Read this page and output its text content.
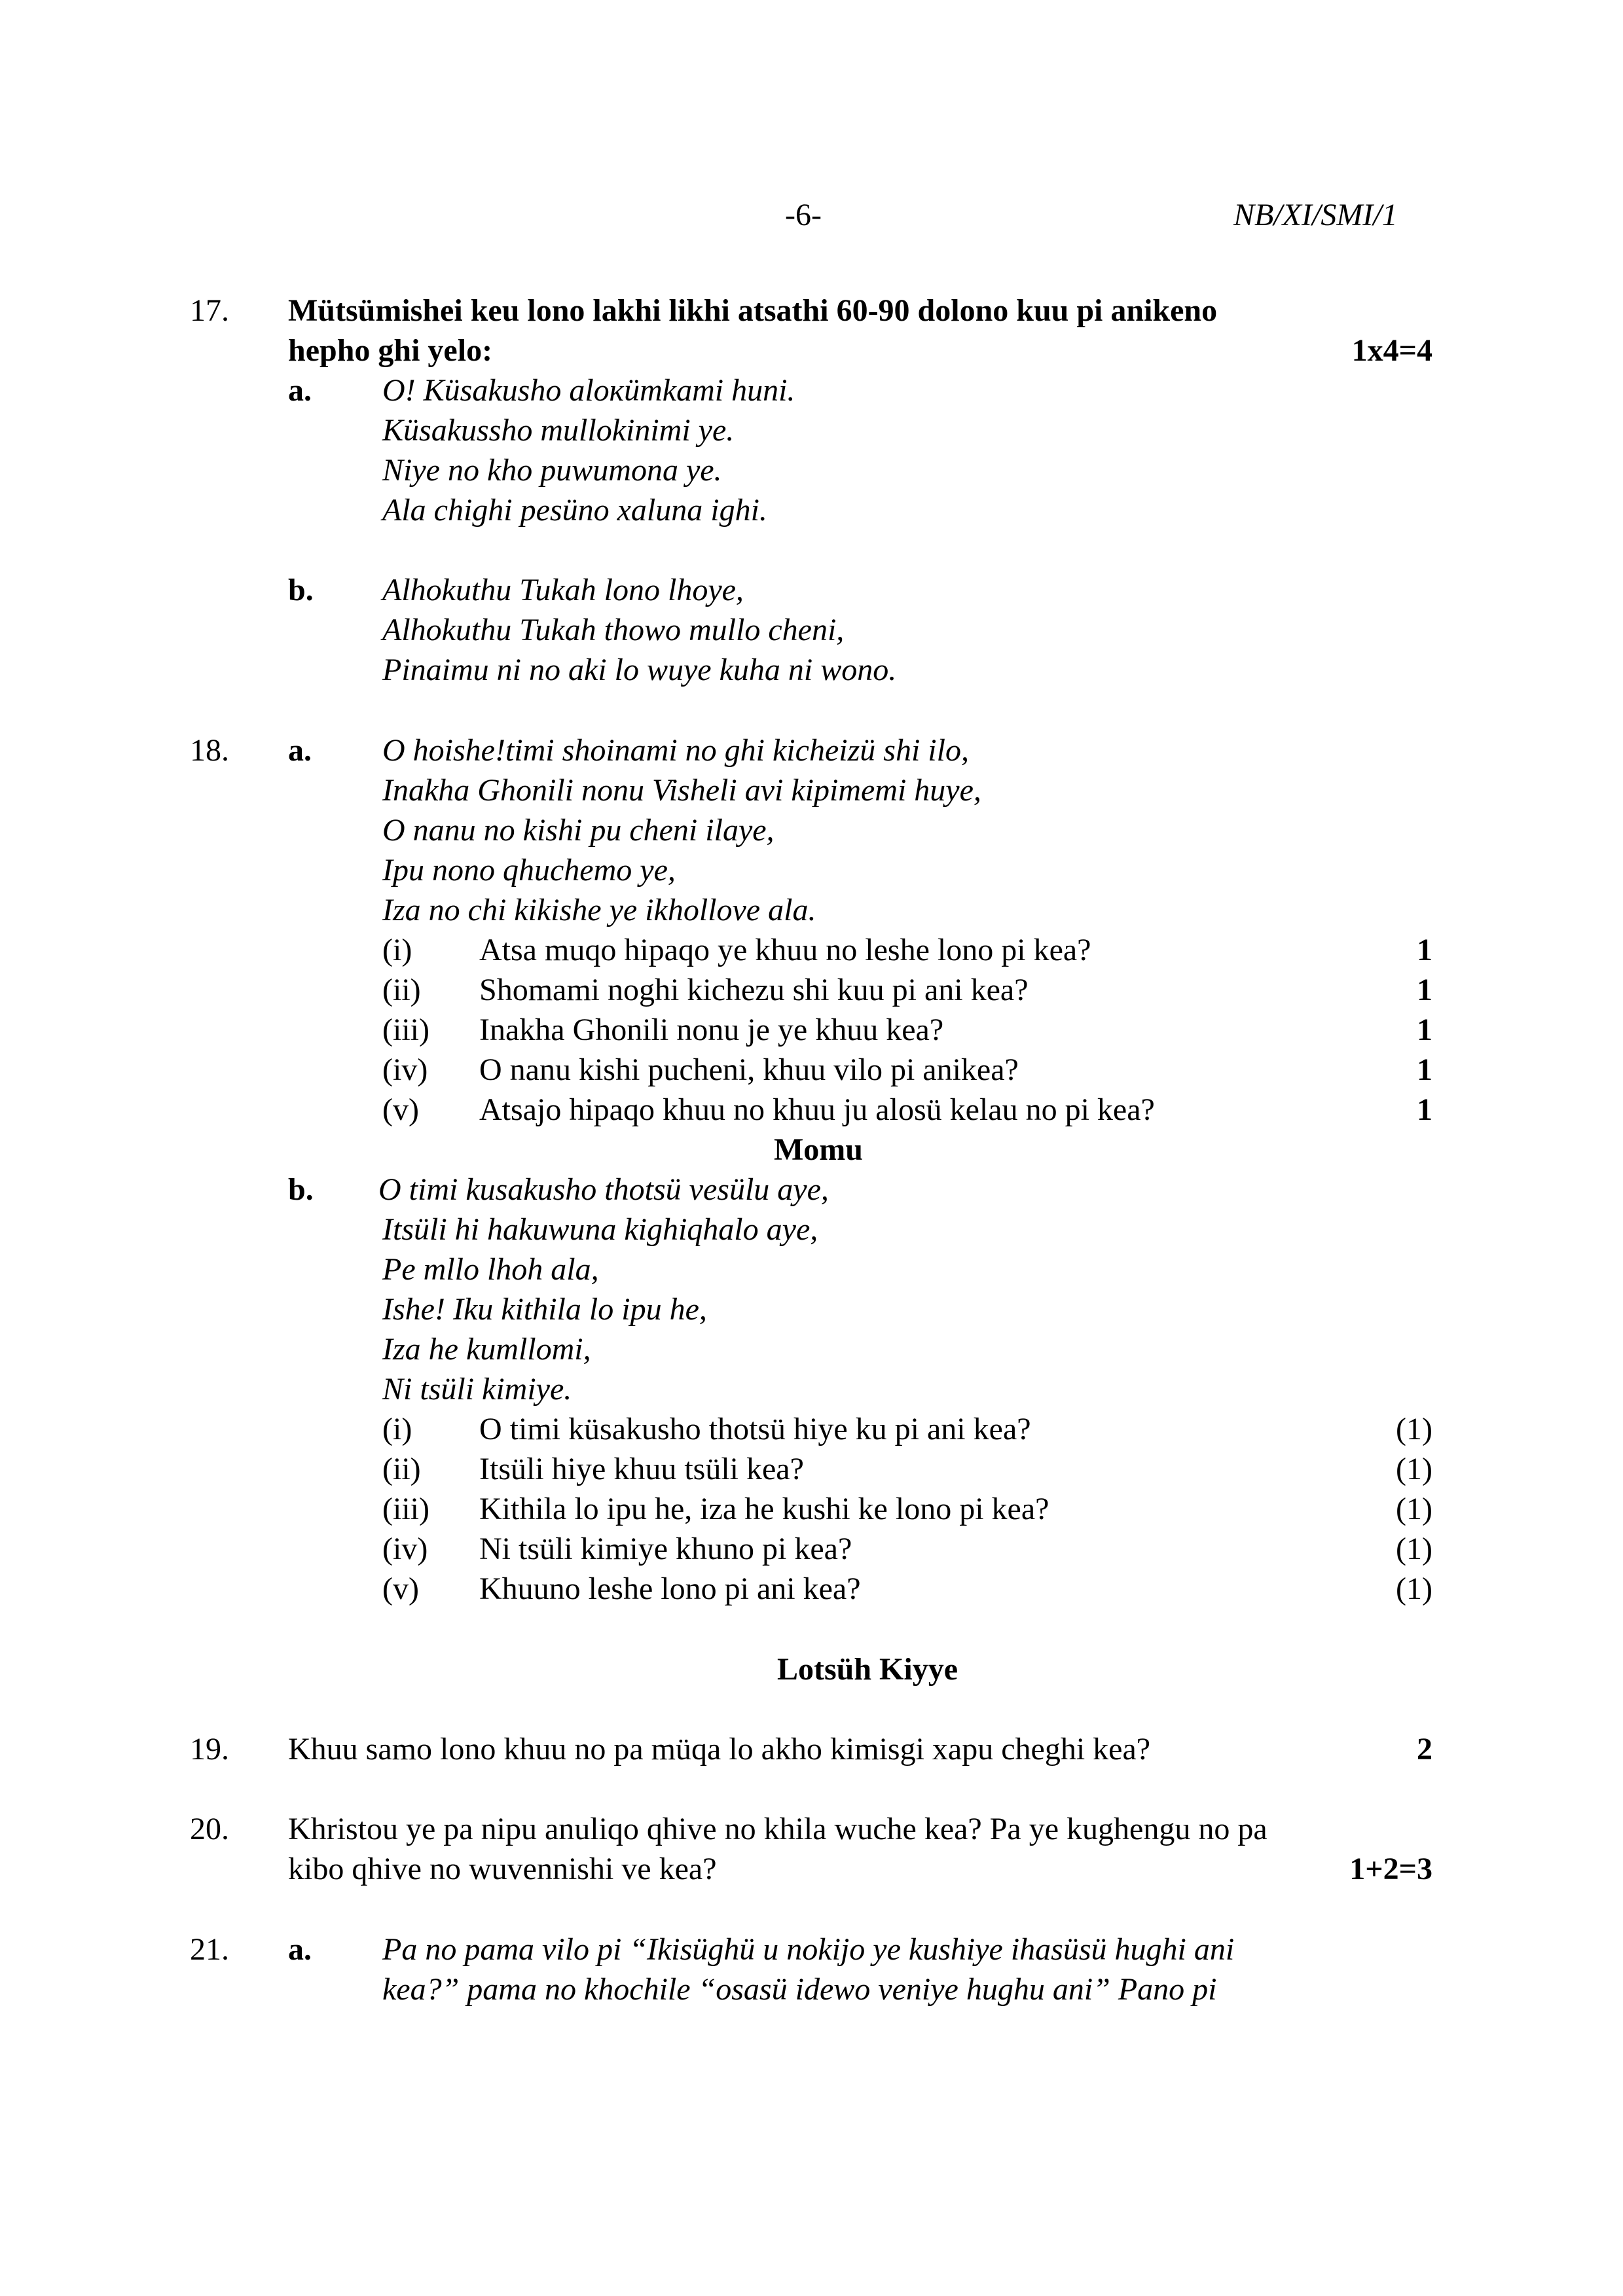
-6-	NB/XI/SMI/1
17. Mütsümishei keu lono lakhi likhi atsathi 60-90 dolono kuu pi anikeno
hepho ghi yelo:	1x4=4
a. O! Küsakusho aloкümkami huni.
Küsakussho mullokinimi ye.
Niye no kho puwumona ye.
Ala chighi pesüno xaluna ighi.
b. Alhokuthu Tukah lono lhoye,
Alhokuthu Tukah thowo mullo cheni,
Pinaimu ni no aki lo wuye kuha ni wono.
18. a. O hoishe!timi shoinami no ghi kicheizü shi ilo,
Inakha Ghonili nonu Visheli avi kipimemi huye,
O nanu no kishi pu cheni ilaye,
Ipu nono qhuchemo ye,
Iza no chi kikishe ye ikhollove ala.
(i) Atsa muqo hipaqo ye khuu no leshe lono pi kea?	1
(ii) Shomami noghi kichezu shi kuu pi ani kea?	1
(iii) Inakha Ghonili nonu je ye khuu kea?	1
(iv) O nanu kishi pucheni, khuu vilo pi anikea?	1
(v) Atsajo hipaqo khuu no khuu ju alosü kelau no pi kea?	1
Momu
b. O timi kusakusho thotsü vesülu aye,
Itsüli hi hakuwuna kighiqhalo aye,
Pe mllo lhoh ala,
Ishe! Iku kithila lo ipu he,
Iza he kumllomi,
Ni tsüli kimiye.
(i) O timi küsakusho thotsü hiye ku pi ani kea?	(1)
(ii) Itsüli hiye khuu tsüli kea?	(1)
(iii) Kithila lo ipu he, iza he kushi ke lono pi kea?	(1)
(iv) Ni tsüli kimiye khuno pi kea?	(1)
(v) Khuuno leshe lono pi ani kea?	(1)
Lotsüh Kiyye
19. Khuu samo lono khuu no pa müqa lo akho kimisgi xapu cheghi kea?	2
20. Khristou ye pa nipu anuliqo qhive no khila wuche kea? Pa ye kughengu no pa
kibo qhive no wuvennishi ve kea?	1+2=3
21. a. Pa no pama vilo pi “Ikisüghü u nokijo ye kushiye ihasüsü hughi ani
kea?” pama no khochile “osasü idewo veniye hughu ani” Pano pi
